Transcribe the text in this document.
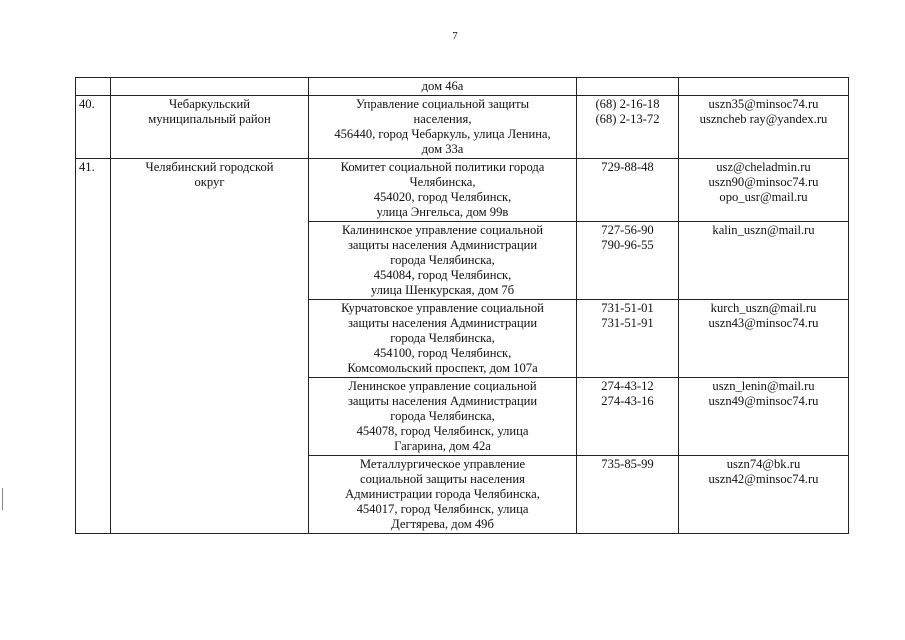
7

		дом 46а		

40.	Чебаркульский
муниципальный район	Управление социальной защиты
населения,
456440, город Чебаркуль, улица Ленина,
дом 33а	(68) 2-16-18
(68) 2-13-72	uszn35@minsoc74.ru
uszncheb ray@yandex.ru

41.	Челябинский городской
округ	Комитет социальной политики города
Челябинска,
454020, город Челябинск,
улица Энгельса, дом 99в	729-88-48	usz@cheladmin.ru
uszn90@minsoc74.ru
opo_usr@mail.ru

		Калининское управление социальной
защиты населения Администрации
города Челябинска,
454084, город Челябинск,
улица Шенкурская, дом 7б	727-56-90
790-96-55	kalin_uszn@mail.ru

		Курчатовское управление социальной
защиты населения Администрации
города Челябинска,
454100, город Челябинск,
Комсомольский проспект, дом 107а	731-51-01
731-51-91	kurch_uszn@mail.ru
uszn43@minsoc74.ru

		Ленинское управление социальной
защиты населения Администрации
города Челябинска,
454078, город Челябинск, улица
Гагарина, дом 42а	274-43-12
274-43-16	uszn_lenin@mail.ru
uszn49@minsoc74.ru

		Металлургическое управление
социальной защиты населения
Администрации города Челябинска,
454017, город Челябинск, улица
Дегтярева, дом 49б	735-85-99	uszn74@bk.ru
uszn42@minsoc74.ru
